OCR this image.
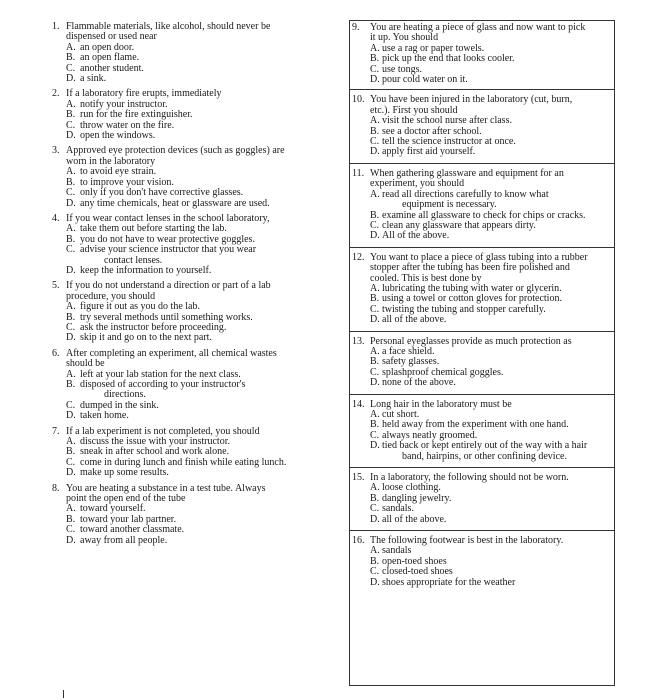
1. Flammable materials, like alcohol, should never be
dispensed or used near
A. an open door.
B. an open flame.
C. another student.
D. a sink.
2. If a laboratory fire erupts, immediately
A. notify your instructor.
B. run for the fire extinguisher.
C. throw water on the fire.
D. open the windows.
3. Approved eye protection devices (such as goggles) are
worn in the laboratory
A. to avoid eye strain.
B. to improve your vision.
C. only if you don't have corrective glasses.
D. any time chemicals, heat or glassware are used.
4. If you wear contact lenses in the school laboratory,
A. take them out before starting the lab.
B. you do not have to wear protective goggles.
C. advise your science instructor that you wear
contact lenses.
D. keep the information to yourself.
5. If you do not understand a direction or part of a lab
procedure, you should
A. figure it out as you do the lab.
B. try several methods until something works.
C. ask the instructor before proceeding.
D. skip it and go on to the next part.
6. After completing an experiment, all chemical wastes
should be
A. left at your lab station for the next class.
B. disposed of according to your instructor's
directions.
C. dumped in the sink.
D. taken home.
7. If a lab experiment is not completed, you should
A. discuss the issue with your instructor.
B. sneak in after school and work alone.
C. come in during lunch and finish while eating lunch.
D. make up some results.
8. You are heating a substance in a test tube. Always
point the open end of the tube
A. toward yourself.
B. toward your lab partner.
C. toward another classmate.
D. away from all people.
9. You are heating a piece of glass and now want to pick
it up. You should
A. use a rag or paper towels.
B. pick up the end that looks cooler.
C. use tongs.
D. pour cold water on it.
10. You have been injured in the laboratory (cut, burn,
etc.). First you should
A. visit the school nurse after class.
B. see a doctor after school.
C. tell the science instructor at once.
D. apply first aid yourself.
11. When gathering glassware and equipment for an
experiment, you should
A. read all directions carefully to know what
equipment is necessary.
B. examine all glassware to check for chips or cracks.
C. clean any glassware that appears dirty.
D. All of the above.
12. You want to place a piece of glass tubing into a rubber
stopper after the tubing has been fire polished and
cooled. This is best done by
A. lubricating the tubing with water or glycerin.
B. using a towel or cotton gloves for protection.
C. twisting the tubing and stopper carefully.
D. all of the above.
13. Personal eyeglasses provide as much protection as
A. a face shield.
B. safety glasses.
C. splashproof chemical goggles.
D. none of the above.
14. Long hair in the laboratory must be
A. cut short.
B. held away from the experiment with one hand.
C. always neatly groomed.
D. tied back or kept entirely out of the way with a hair
band, hairpins, or other confining device.
15. In a laboratory, the following should not be worn.
A. loose clothing.
B. dangling jewelry.
C. sandals.
D. all of the above.
16. The following footwear is best in the laboratory.
A. sandals
B. open-toed shoes
C. closed-toed shoes
D. shoes appropriate for the weather
